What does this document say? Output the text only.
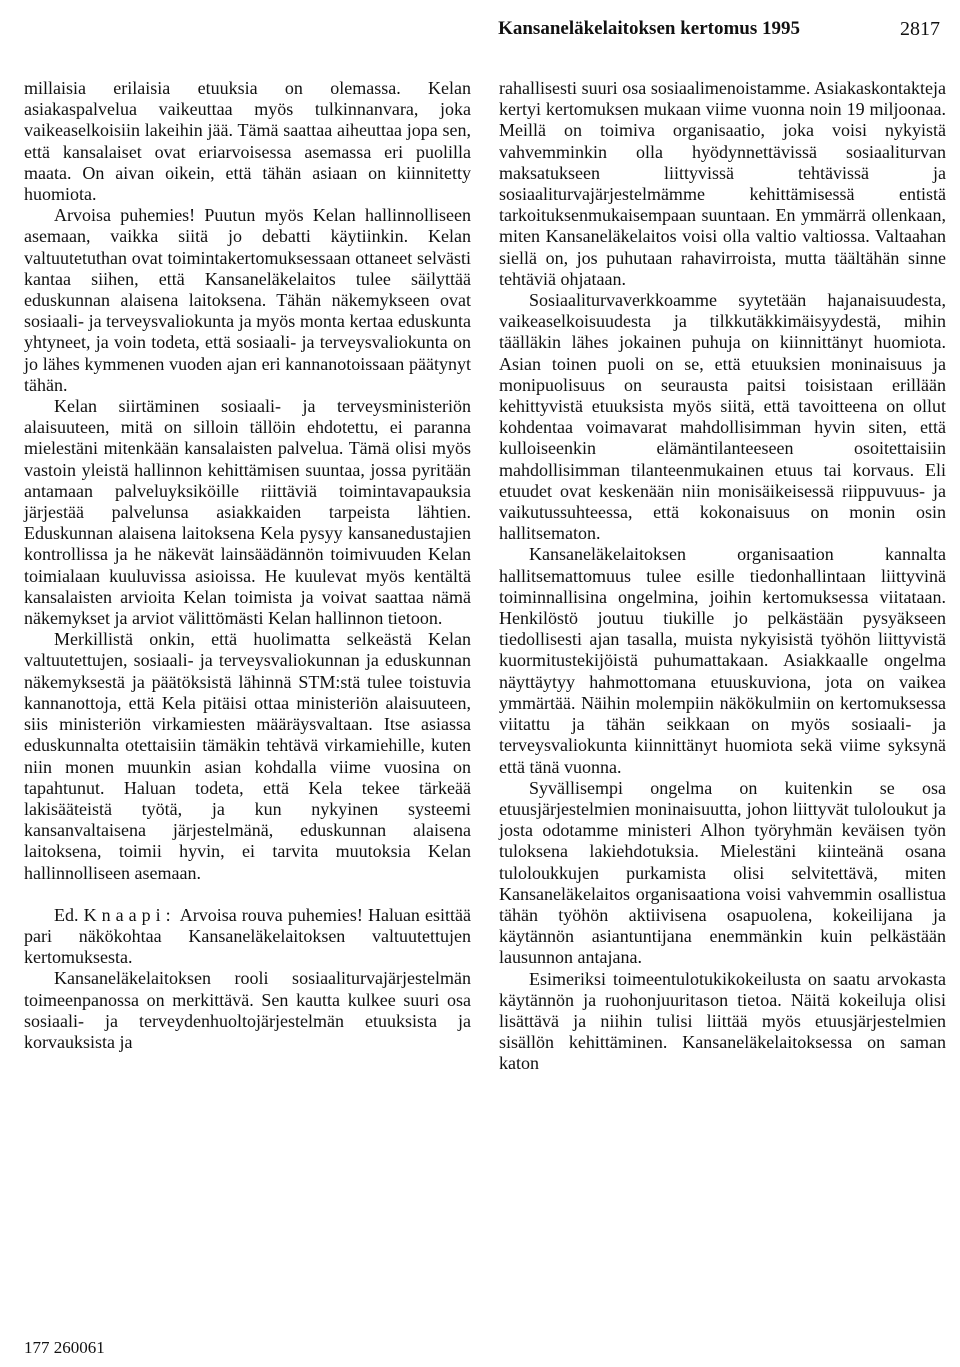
Kansaneläkelaitoksen kertomus 1995	2817

millaisia erilaisia etuuksia on olemassa. Kelan asiakaspalvelua vaikeuttaa myös tulkinnanvara, joka vaikeaselkoisiin lakeihin jää. Tämä saattaa aiheuttaa jopa sen, että kansalaiset ovat eriarvoisessa asemassa eri puolilla maata. On aivan oikein, että tähän asiaan on kiinnitetty huomiota.

Arvoisa puhemies! Puutun myös Kelan hallinnolliseen asemaan, vaikka siitä jo debatti käytiinkin. Kelan valtuutetuthan ovat toimintakertomuksessaan ottaneet selvästi kantaa siihen, että Kansaneläkelaitos tulee säilyttää eduskunnan alaisena laitoksena. Tähän näkemykseen ovat sosiaali- ja terveysvaliokunta ja myös monta kertaa eduskunta yhtyneet, ja voin todeta, että sosiaali- ja terveysvaliokunta on jo lähes kymmenen vuoden ajan eri kannanotoissaan päätynyt tähän.

Kelan siirtäminen sosiaali- ja terveysministeriön alaisuuteen, mitä on silloin tällöin ehdotettu, ei paranna mielestäni mitenkään kansalaisten palvelua. Tämä olisi myös vastoin yleistä hallinnon kehittämisen suuntaa, jossa pyritään antamaan palveluyksiköille riittäviä toimintavapauksia järjestää palvelunsa asiakkaiden tarpeista lähtien. Eduskunnan alaisena laitoksena Kela pysyy kansanedustajien kontrollissa ja he näkevät lainsäädännön toimivuuden Kelan toimialaan kuuluvissa asioissa. He kuulevat myös kentältä kansalaisten arvioita Kelan toimista ja voivat saattaa nämä näkemykset ja arviot välittömästi Kelan hallinnon tietoon.

Merkillistä onkin, että huolimatta selkeästä Kelan valtuutettujen, sosiaali- ja terveysvaliokunnan ja eduskunnan näkemyksestä ja päätöksistä lähinnä STM:stä tulee toistuvia kannanottoja, että Kela pitäisi ottaa ministeriön alaisuuteen, siis ministeriön virkamiesten määräysvaltaan. Itse asiassa eduskunnalta otettaisiin tämäkin tehtävä virkamiehille, kuten niin monen muunkin asian kohdalla viime vuosina on tapahtunut. Haluan todeta, että Kela tekee tärkeää lakisääteistä työtä, ja kun nykyinen systeemi kansanvaltaisena järjestelmänä, eduskunnan alaisena laitoksena, toimii hyvin, ei tarvita muutoksia Kelan hallinnolliseen asemaan.

Ed. Knaapi: Arvoisa rouva puhemies! Haluan esittää pari näkökohtaa Kansaneläkelaitoksen valtuutettujen kertomuksesta.

Kansaneläkelaitoksen rooli sosiaaliturvajärjestelmän toimeenpanossa on merkittävä. Sen kautta kulkee suuri osa sosiaali- ja terveydenhuoltojärjestelmän etuuksista ja korvauksista ja

rahallisesti suuri osa sosiaalimenoistamme. Asiakaskontakteja kertyi kertomuksen mukaan viime vuonna noin 19 miljoonaa. Meillä on toimiva organisaatio, joka voisi nykyistä vahvemminkin olla hyödynnettävissä sosiaaliturvan maksatukseen liittyvissä tehtävissä ja sosiaaliturvajärjestelmämme kehittämisessä entistä tarkoituksenmukaisempaan suuntaan. En ymmärrä ollenkaan, miten Kansaneläkelaitos voisi olla valtio valtiossa. Valtaahan siellä on, jos puhutaan rahavirroista, mutta täältähän sinne tehtäviä ohjataan.

Sosiaaliturvaverkkoamme syytetään hajanaisuudesta, vaikeaselkoisuudesta ja tilkkutäkkimäisyydestä, mihin täälläkin lähes jokainen puhuja on kiinnittänyt huomiota. Asian toinen puoli on se, että etuuksien moninaisuus ja monipuolisuus on seurausta paitsi toisistaan erillään kehittyvistä etuuksista myös siitä, että tavoitteena on ollut kohdentaa voimavarat mahdollisimman hyvin siten, että kulloiseenkin elämäntilanteeseen osoitettaisiin mahdollisimman tilanteenmukainen etuus tai korvaus. Eli etuudet ovat keskenään niin monisäikeisessä riippuvuus- ja vaikutussuhteessa, että kokonaisuus on monin osin hallitsematon.

Kansaneläkelaitoksen organisaation kannalta hallitsemattomuus tulee esille tiedonhallintaan liittyvinä toiminnallisina ongelmina, joihin kertomuksessa viitataan. Henkilöstö joutuu tiukille jo pelkästään pysyäkseen tiedollisesti ajan tasalla, muista nykyisistä työhön liittyvistä kuormitustekijöistä puhumattakaan. Asiakkaalle ongelma näyttäytyy hahmottomana etuuskuviona, jota on vaikea ymmärtää. Näihin molempiin näkökulmiin on kertomuksessa viitattu ja tähän seikkaan on myös sosiaali- ja terveysvaliokunta kiinnittänyt huomiota sekä viime syksynä että tänä vuonna.

Syvällisempi ongelma on kuitenkin se osa etuusjärjestelmien moninaisuutta, johon liittyvät tuloloukut ja josta odotamme ministeri Alhon työryhmän keväisen työn tuloksena lakiehdotuksia. Mielestäni kiinteänä osana tuloloukkujen purkamista olisi selvitettävä, miten Kansaneläkelaitos organisaationa voisi vahvemmin osallistua tähän työhön aktiivisena osapuolena, kokeilijana ja käytännön asiantuntijana enemmänkin kuin pelkästään lausunnon antajana.

Esimeriksi toimeentulotukikokeilusta on saatu arvokasta käytännön ja ruohonjuuritason tietoa. Näitä kokeiluja olisi lisättävä ja niihin tulisi liittää myös etuusjärjestelmien sisällön kehittäminen. Kansaneläkelaitoksessa on saman katon

177 260061
